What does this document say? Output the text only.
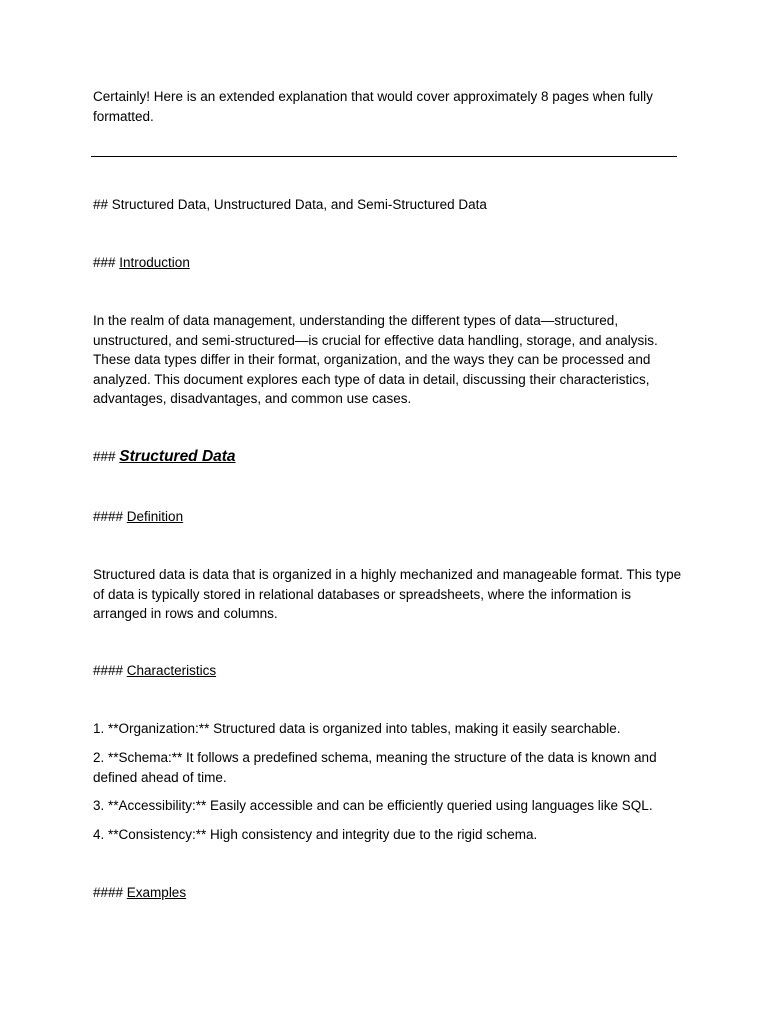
Certainly! Here is an extended explanation that would cover approximately 8 pages when fully formatted.

## Structured Data, Unstructured Data, and Semi-Structured Data

### Introduction

In the realm of data management, understanding the different types of data—structured, unstructured, and semi-structured—is crucial for effective data handling, storage, and analysis. These data types differ in their format, organization, and the ways they can be processed and analyzed. This document explores each type of data in detail, discussing their characteristics, advantages, disadvantages, and common use cases.

### Structured Data

#### Definition

Structured data is data that is organized in a highly mechanized and manageable format. This type of data is typically stored in relational databases or spreadsheets, where the information is arranged in rows and columns.

#### Characteristics

1. **Organization:** Structured data is organized into tables, making it easily searchable.

2. **Schema:** It follows a predefined schema, meaning the structure of the data is known and defined ahead of time.

3. **Accessibility:** Easily accessible and can be efficiently queried using languages like SQL.

4. **Consistency:** High consistency and integrity due to the rigid schema.

#### Examples
